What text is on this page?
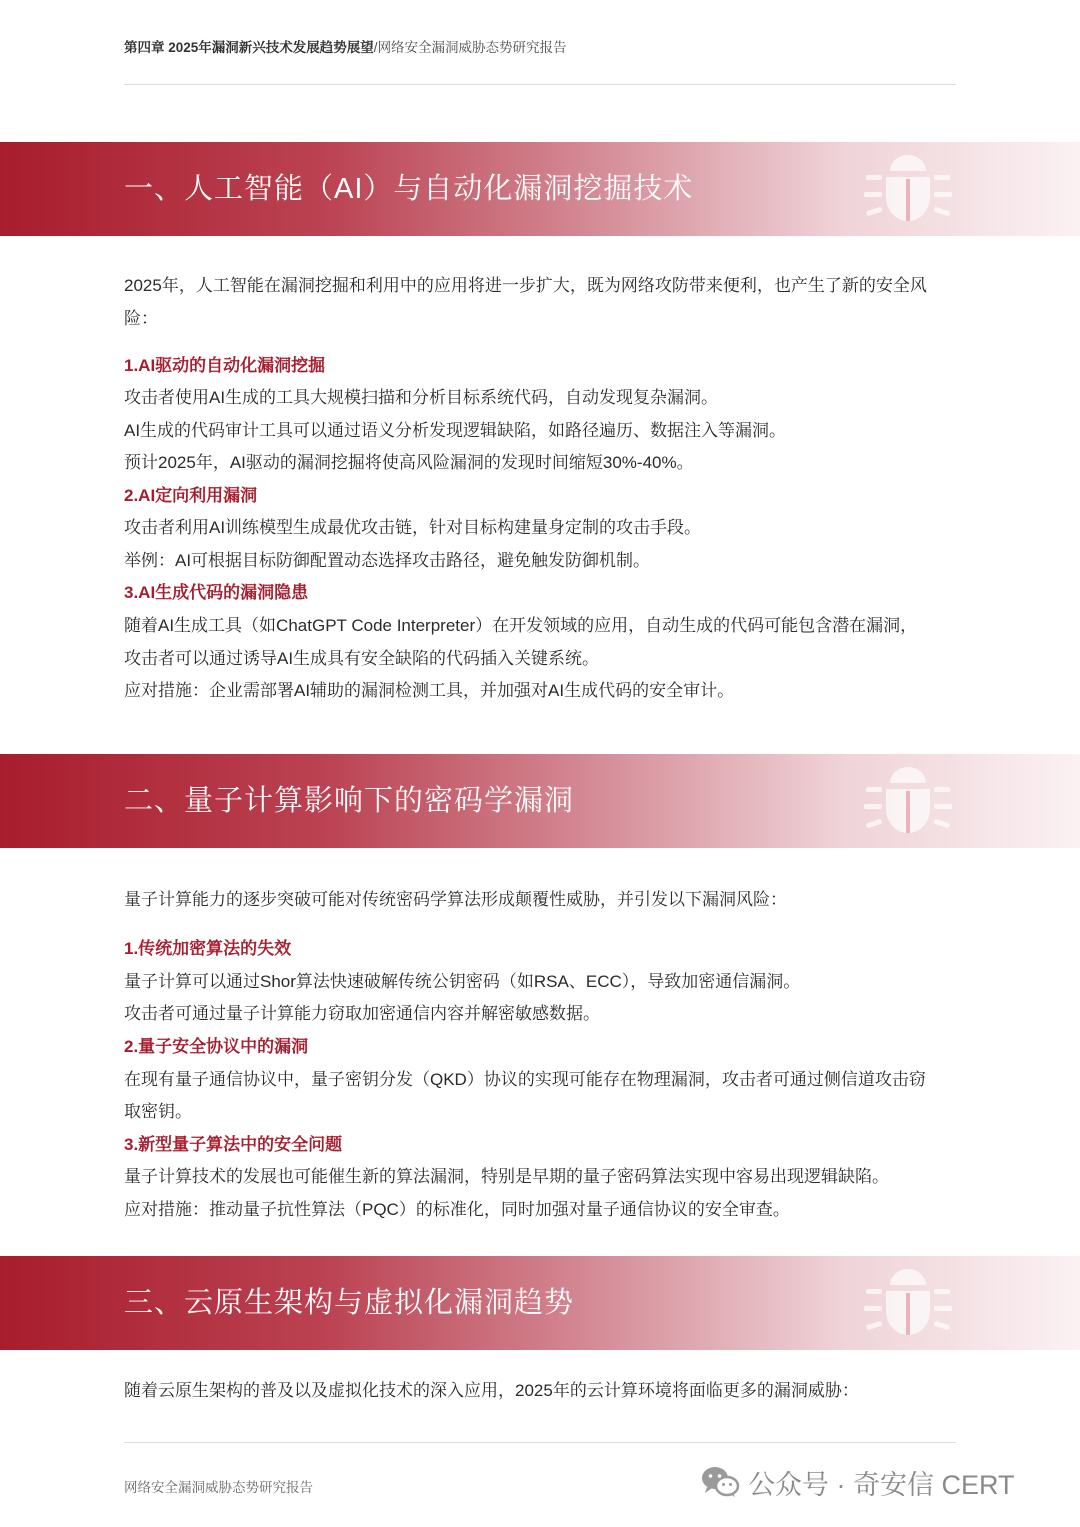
第四章 2025年漏洞新兴技术发展趋势展望/网络安全漏洞威胁态势研究报告
一、人工智能（AI）与自动化漏洞挖掘技术
2025年，人工智能在漏洞挖掘和利用中的应用将进一步扩大，既为网络攻防带来便利，也产生了新的安全风险：
1.AI驱动的自动化漏洞挖掘
攻击者使用AI生成的工具大规模扫描和分析目标系统代码，自动发现复杂漏洞。
AI生成的代码审计工具可以通过语义分析发现逻辑缺陷，如路径遍历、数据注入等漏洞。
预计2025年，AI驱动的漏洞挖掘将使高风险漏洞的发现时间缩短30%-40%。
2.AI定向利用漏洞
攻击者利用AI训练模型生成最优攻击链，针对目标构建量身定制的攻击手段。
举例：AI可根据目标防御配置动态选择攻击路径，避免触发防御机制。
3.AI生成代码的漏洞隐患
随着AI生成工具（如ChatGPT Code Interpreter）在开发领域的应用，自动生成的代码可能包含潜在漏洞，
攻击者可以通过诱导AI生成具有安全缺陷的代码插入关键系统。
应对措施：企业需部署AI辅助的漏洞检测工具，并加强对AI生成代码的安全审计。
二、量子计算影响下的密码学漏洞
量子计算能力的逐步突破可能对传统密码学算法形成颠覆性威胁，并引发以下漏洞风险：
1.传统加密算法的失效
量子计算可以通过Shor算法快速破解传统公钥密码（如RSA、ECC），导致加密通信漏洞。
攻击者可通过量子计算能力窃取加密通信内容并解密敏感数据。
2.量子安全协议中的漏洞
在现有量子通信协议中，量子密钥分发（QKD）协议的实现可能存在物理漏洞，攻击者可通过侧信道攻击窃
取密钥。
3.新型量子算法中的安全问题
量子计算技术的发展也可能催生新的算法漏洞，特别是早期的量子密码算法实现中容易出现逻辑缺陷。
应对措施：推动量子抗性算法（PQC）的标准化，同时加强对量子通信协议的安全审查。
三、云原生架构与虚拟化漏洞趋势
随着云原生架构的普及以及虚拟化技术的深入应用，2025年的云计算环境将面临更多的漏洞威胁：
网络安全漏洞威胁态势研究报告	公众号 · 奇安信 CERT
